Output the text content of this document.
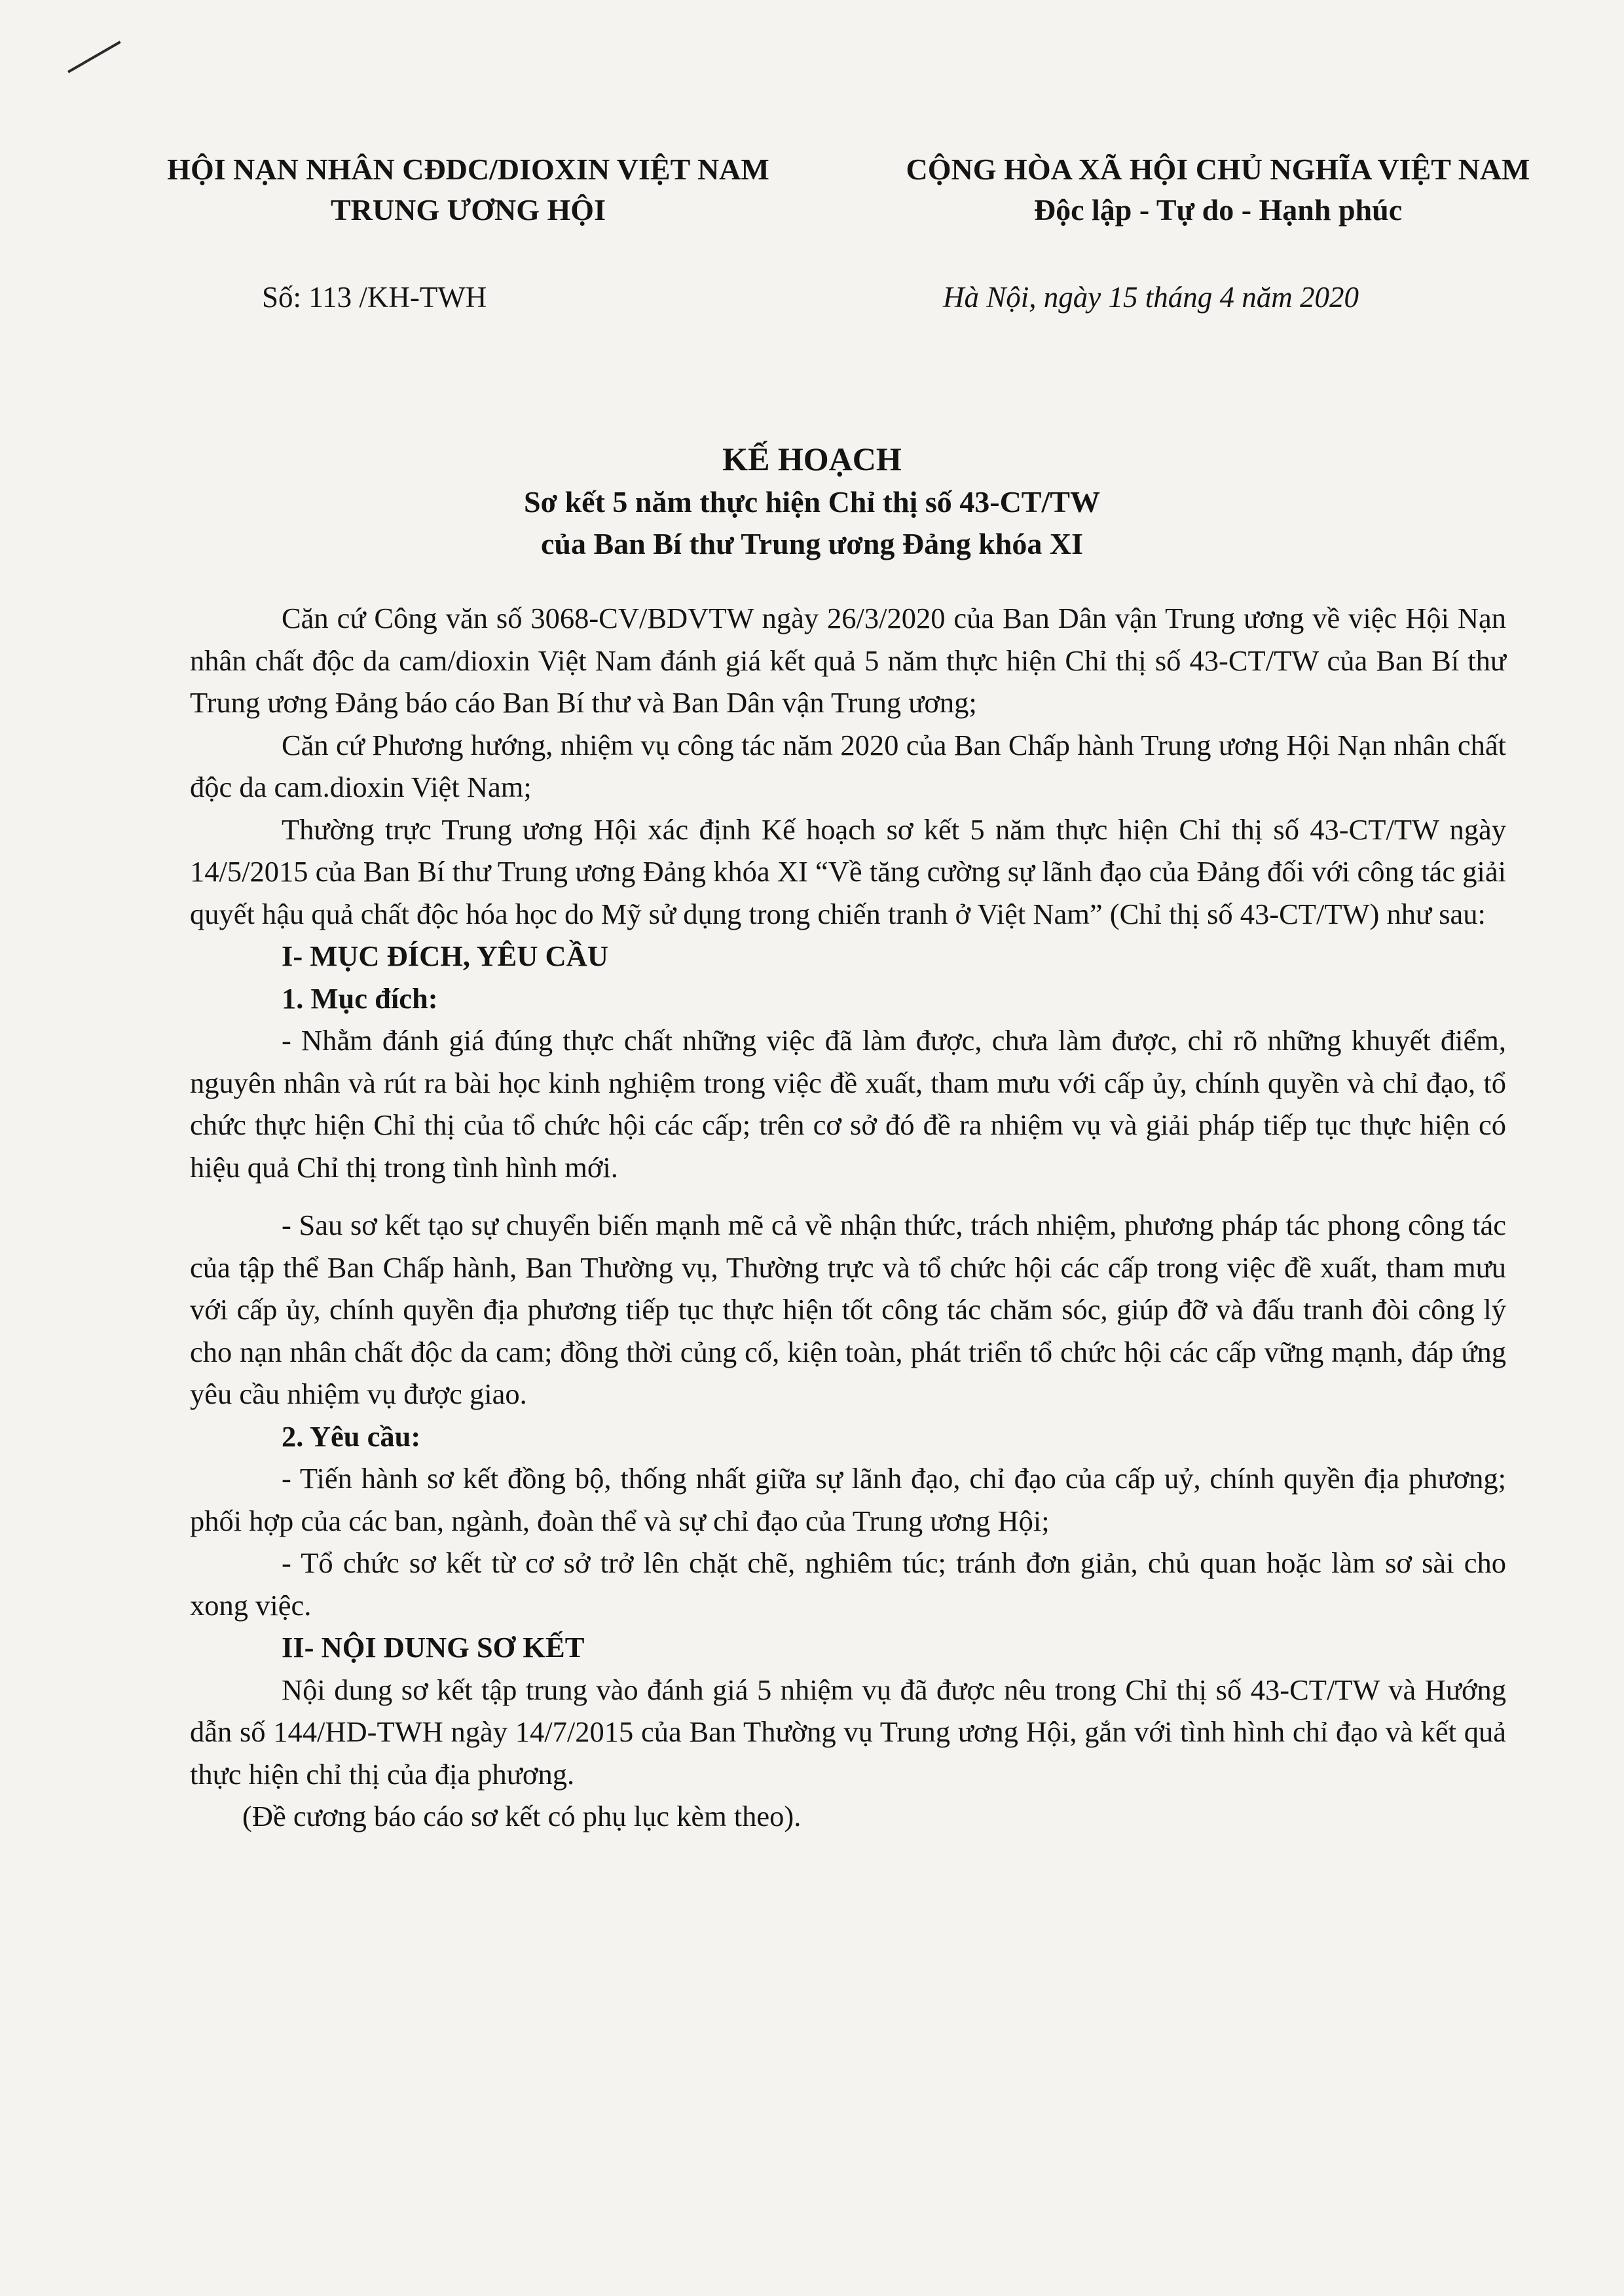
HỘI NẠN NHÂN CĐDC/DIOXIN VIỆT NAM
TRUNG ƯƠNG HỘI
CỘNG HÒA XÃ HỘI CHỦ NGHĨA VIỆT NAM
Độc lập - Tự do - Hạnh phúc
Số: 113 /KH-TWH	Hà Nội, ngày 15 tháng 4 năm 2020
KẾ HOẠCH
Sơ kết 5 năm thực hiện Chỉ thị số 43-CT/TW
của Ban Bí thư Trung ương Đảng khóa XI

Căn cứ Công văn số 3068-CV/BDVTW ngày 26/3/2020 của Ban Dân vận Trung ương về việc Hội Nạn nhân chất độc da cam/dioxin Việt Nam đánh giá kết quả 5 năm thực hiện Chỉ thị số 43-CT/TW của Ban Bí thư Trung ương Đảng báo cáo Ban Bí thư và Ban Dân vận Trung ương;

Căn cứ Phương hướng, nhiệm vụ công tác năm 2020 của Ban Chấp hành Trung ương Hội Nạn nhân chất độc da cam.dioxin Việt Nam;

Thường trực Trung ương Hội xác định Kế hoạch sơ kết 5 năm thực hiện Chỉ thị số 43-CT/TW ngày 14/5/2015 của Ban Bí thư Trung ương Đảng khóa XI “Về tăng cường sự lãnh đạo của Đảng đối với công tác giải quyết hậu quả chất độc hóa học do Mỹ sử dụng trong chiến tranh ở Việt Nam” (Chỉ thị số 43-CT/TW) như sau:

I- MỤC ĐÍCH, YÊU CẦU
1. Mục đích:

- Nhằm đánh giá đúng thực chất những việc đã làm được, chưa làm được, chỉ rõ những khuyết điểm, nguyên nhân và rút ra bài học kinh nghiệm trong việc đề xuất, tham mưu với cấp ủy, chính quyền và chỉ đạo, tổ chức thực hiện Chỉ thị của tổ chức hội các cấp; trên cơ sở đó đề ra nhiệm vụ và giải pháp tiếp tục thực hiện có hiệu quả Chỉ thị trong tình hình mới.

- Sau sơ kết tạo sự chuyển biến mạnh mẽ cả về nhận thức, trách nhiệm, phương pháp tác phong công tác của tập thể Ban Chấp hành, Ban Thường vụ, Thường trực và tổ chức hội các cấp trong việc đề xuất, tham mưu với cấp ủy, chính quyền địa phương tiếp tục thực hiện tốt công tác chăm sóc, giúp đỡ và đấu tranh đòi công lý cho nạn nhân chất độc da cam; đồng thời củng cố, kiện toàn, phát triển tổ chức hội các cấp vững mạnh, đáp ứng yêu cầu nhiệm vụ được giao.

2. Yêu cầu:

- Tiến hành sơ kết đồng bộ, thống nhất giữa sự lãnh đạo, chỉ đạo của cấp uỷ, chính quyền địa phương; phối hợp của các ban, ngành, đoàn thể và sự chỉ đạo của Trung ương Hội;

- Tổ chức sơ kết từ cơ sở trở lên chặt chẽ, nghiêm túc; tránh đơn giản, chủ quan hoặc làm sơ sài cho xong việc.

II- NỘI DUNG SƠ KẾT

Nội dung sơ kết tập trung vào đánh giá 5 nhiệm vụ đã được nêu trong Chỉ thị số 43-CT/TW và Hướng dẫn số 144/HD-TWH ngày 14/7/2015 của Ban Thường vụ Trung ương Hội, gắn với tình hình chỉ đạo và kết quả thực hiện chỉ thị của địa phương.

(Đề cương báo cáo sơ kết có phụ lục kèm theo).
